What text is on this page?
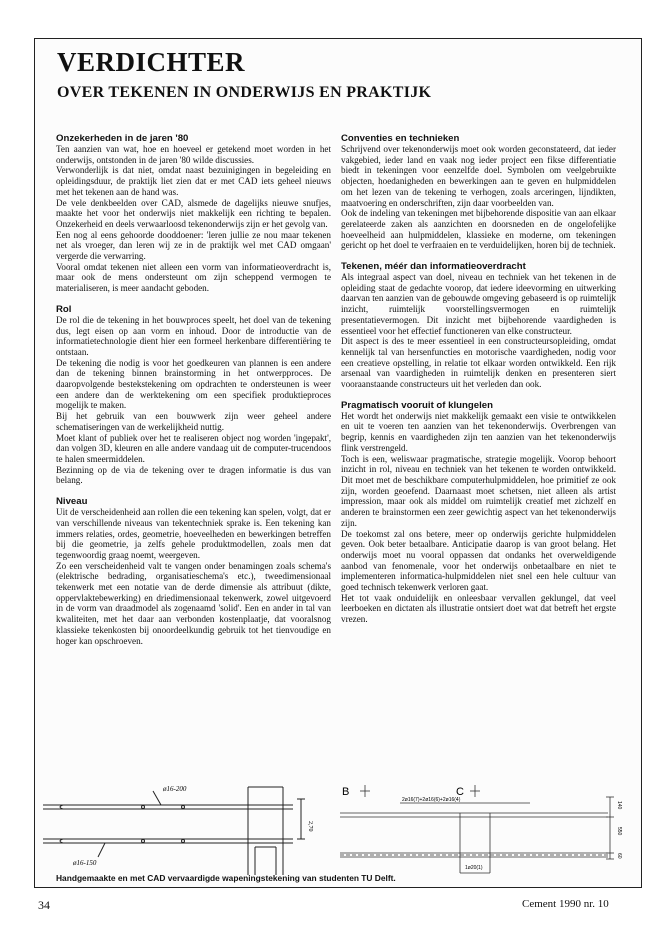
VERDICHTER
OVER TEKENEN IN ONDERWIJS EN PRAKTIJK
Onzekerheden in de jaren '80

Ten aanzien van wat, hoe en hoeveel er getekend moet worden in het onderwijs, ontstonden in de jaren '80 wilde discussies.

Verwonderlijk is dat niet, omdat naast bezuinigingen in begeleiding en opleidingsduur, de praktijk liet zien dat er met CAD iets geheel nieuws met het tekenen aan de hand was.

De vele denkbeelden over CAD, alsmede de dagelijks nieuwe snufjes, maakte het voor het onderwijs niet makkelijk een richting te bepalen. Onzekerheid en deels verwaarloosd tekenonderwijs zijn er het gevolg van.

Een nog al eens gehoorde dooddoener: 'leren jullie ze nou maar tekenen net als vroeger, dan leren wij ze in de praktijk wel met CAD omgaan' vergerde die verwarring.

Vooral omdat tekenen niet alleen een vorm van informatieoverdracht is, maar ook de mens ondersteunt om zijn scheppend vermogen te materialiseren, is meer aandacht geboden.

Rol

De rol die de tekening in het bouwproces speelt, het doel van de tekening dus, legt eisen op aan vorm en inhoud. Door de introductie van de informatietechnologie dient hier een formeel herkenbare differentiëring te ontstaan.

De tekening die nodig is voor het goedkeuren van plannen is een andere dan de tekening binnen brainstorming in het ontwerpproces. De daaropvolgende bestekstekening om opdrachten te ondersteunen is weer een andere dan de werktekening om een specifiek produktieproces mogelijk te maken.

Bij het gebruik van een bouwwerk zijn weer geheel andere schematiseringen van de werkelijkheid nuttig.

Moet klant of publiek over het te realiseren object nog worden 'ingepakt', dan volgen 3D, kleuren en alle andere vandaag uit de computer-trucendoos te halen smeermiddelen.

Bezinning op de via de tekening over te dragen informatie is dus van belang.

Niveau

Uit de verscheidenheid aan rollen die een tekening kan spelen, volgt, dat er van verschillende niveaus van tekentechniek sprake is. Een tekening kan immers relaties, ordes, geometrie, hoeveelheden en bewerkingen betreffen bij die geometrie, ja zelfs gehele produktmodellen, zoals men dat tegenwoordig graag noemt, weergeven.

Zo een verscheidenheid valt te vangen onder benamingen zoals schema's (elektrische bedrading, organisatieschema's etc.), tweedimensionaal tekenwerk met een notatie van de derde dimensie als attribuut (dikte, oppervlaktebewerking) en driedimensionaal tekenwerk, zowel uitgevoerd in de vorm van draadmodel als zogenaamd 'solid'. Een en ander in tal van kwaliteiten, met het daar aan verbonden kostenplaatje, dat vooralsnog klassieke tekenkosten bij onoordeelkundig gebruik tot het tienvoudige en hoger kan opschroeven.

Conventies en technieken

Schrijvend over tekenonderwijs moet ook worden geconstateerd, dat ieder vakgebied, ieder land en vaak nog ieder project een fikse differentiatie biedt in tekeningen voor eenzelfde doel. Symbolen om veelgebruikte objecten, hoedanigheden en bewerkingen aan te geven en hulpmiddelen om het lezen van de tekening te verhogen, zoals arceringen, lijndikten, maatvoering en onderschriften, zijn daar voorbeelden van.

Ook de indeling van tekeningen met bijbehorende dispositie van aan elkaar gerelateerde zaken als aanzichten en doorsneden en de ongelofelijke hoeveelheid aan hulpmiddelen, klassieke en moderne, om tekeningen gericht op het doel te verfraaien en te verduidelijken, horen bij de techniek.

Tekenen, méér dan informatieoverdracht

Als integraal aspect van doel, niveau en techniek van het tekenen in de opleiding staat de gedachte voorop, dat iedere ideevorming en uitwerking daarvan ten aanzien van de gebouwde omgeving gebaseerd is op ruimtelijk inzicht, ruimtelijk voorstellingsvermogen en ruimtelijk presentatievermogen. Dit inzicht met bijbehorende vaardigheden is essentieel voor het effectief functioneren van elke constructeur.

Dit aspect is des te meer essentieel in een constructeursopleiding, omdat kennelijk tal van hersenfuncties en motorische vaardigheden, nodig voor een creatieve opstelling, in relatie tot elkaar worden ontwikkeld. Een rijk arsenaal van vaardigheden in ruimtelijk denken en presenteren siert vooraanstaande constructeurs uit het verleden dan ook.

Pragmatisch vooruit of klungelen

Het wordt het onderwijs niet makkelijk gemaakt een visie te ontwikkelen en uit te voeren ten aanzien van het tekenonderwijs. Overbrengen van begrip, kennis en vaardigheden zijn ten aanzien van het tekenonderwijs flink verstrengeld.

Toch is een, weliswaar pragmatische, strategie mogelijk. Voorop behoort inzicht in rol, niveau en techniek van het tekenen te worden ontwikkeld. Dit moet met de beschikbare computerhulpmiddelen, hoe primitief ze ook zijn, worden geoefend. Daarnaast moet schetsen, niet alleen als artist impression, maar ook als middel om ruimtelijk creatief met zichzelf en anderen te brainstormen een zeer gewichtig aspect van het tekenonderwijs zijn.

De toekomst zal ons betere, meer op onderwijs gerichte hulpmiddelen geven. Ook beter betaalbare. Anticipatie daarop is van groot belang. Het onderwijs moet nu vooral oppassen dat ondanks het overweldigende aanbod van fenomenale, voor het onderwijs onbetaalbare en niet te implementeren informatica-hulpmiddelen niet snel een hele cultuur van goed technisch tekenwerk verloren gaat.

Het tot vaak onduidelijk en onleesbaar vervallen geklungel, dat veel leerboeken en dictaten als illustratie ontsiert doet wat dat betreft het ergste vrezen.

ø16-200
ø16-150
2,70
B	C
2ø16(7)+2ø16(6)+2ø16(4)
1ø20(1)
140
550
60
Handgemaakte en met CAD vervaardigde wapeningstekening van studenten TU Delft.
34	Cement 1990 nr. 10
